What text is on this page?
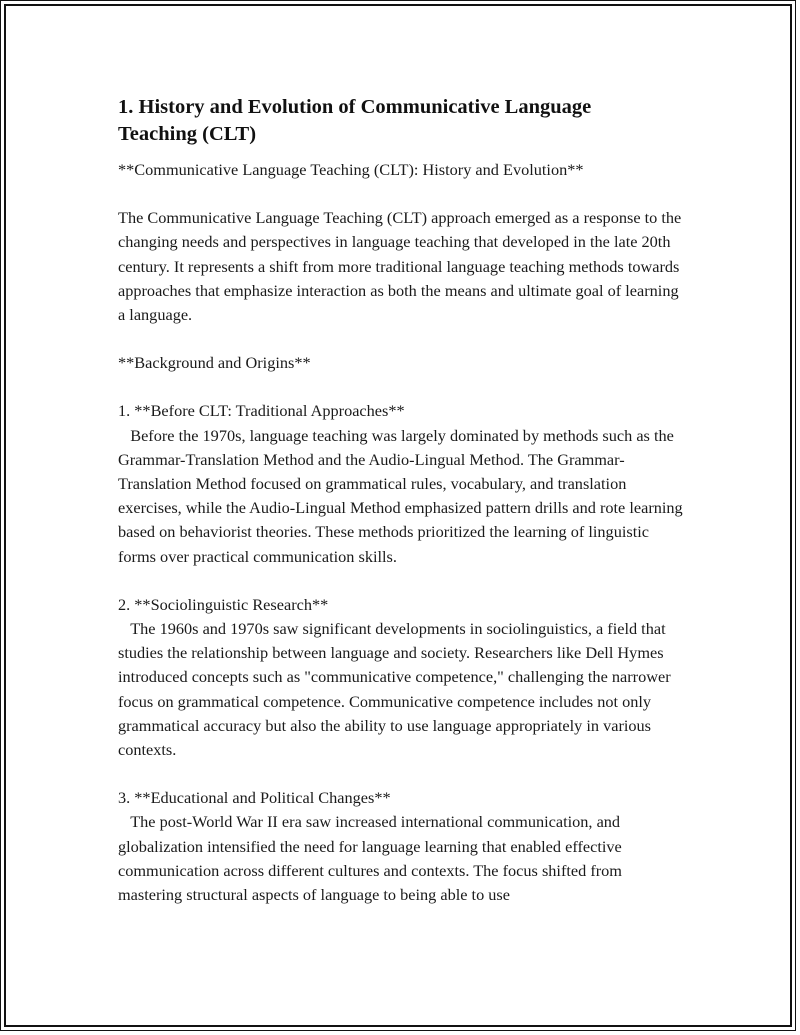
1. History and Evolution of Communicative Language
Teaching (CLT)

**Communicative Language Teaching (CLT): History and Evolution**

The Communicative Language Teaching (CLT) approach emerged as a response to the changing needs and perspectives in language teaching that developed in the late 20th century. It represents a shift from more traditional language teaching methods towards approaches that emphasize interaction as both the means and ultimate goal of learning a language.

**Background and Origins**

1. **Before CLT: Traditional Approaches**

Before the 1970s, language teaching was largely dominated by methods such as the Grammar-Translation Method and the Audio-Lingual Method. The Grammar-Translation Method focused on grammatical rules, vocabulary, and translation exercises, while the Audio-Lingual Method emphasized pattern drills and rote learning based on behaviorist theories. These methods prioritized the learning of linguistic forms over practical communication skills.

2. **Sociolinguistic Research**

The 1960s and 1970s saw significant developments in sociolinguistics, a field that studies the relationship between language and society. Researchers like Dell Hymes introduced concepts such as "communicative competence," challenging the narrower focus on grammatical competence. Communicative competence includes not only grammatical accuracy but also the ability to use language appropriately in various contexts.

3. **Educational and Political Changes**

The post-World War II era saw increased international communication, and globalization intensified the need for language learning that enabled effective communication across different cultures and contexts. The focus shifted from mastering structural aspects of language to being able to use
